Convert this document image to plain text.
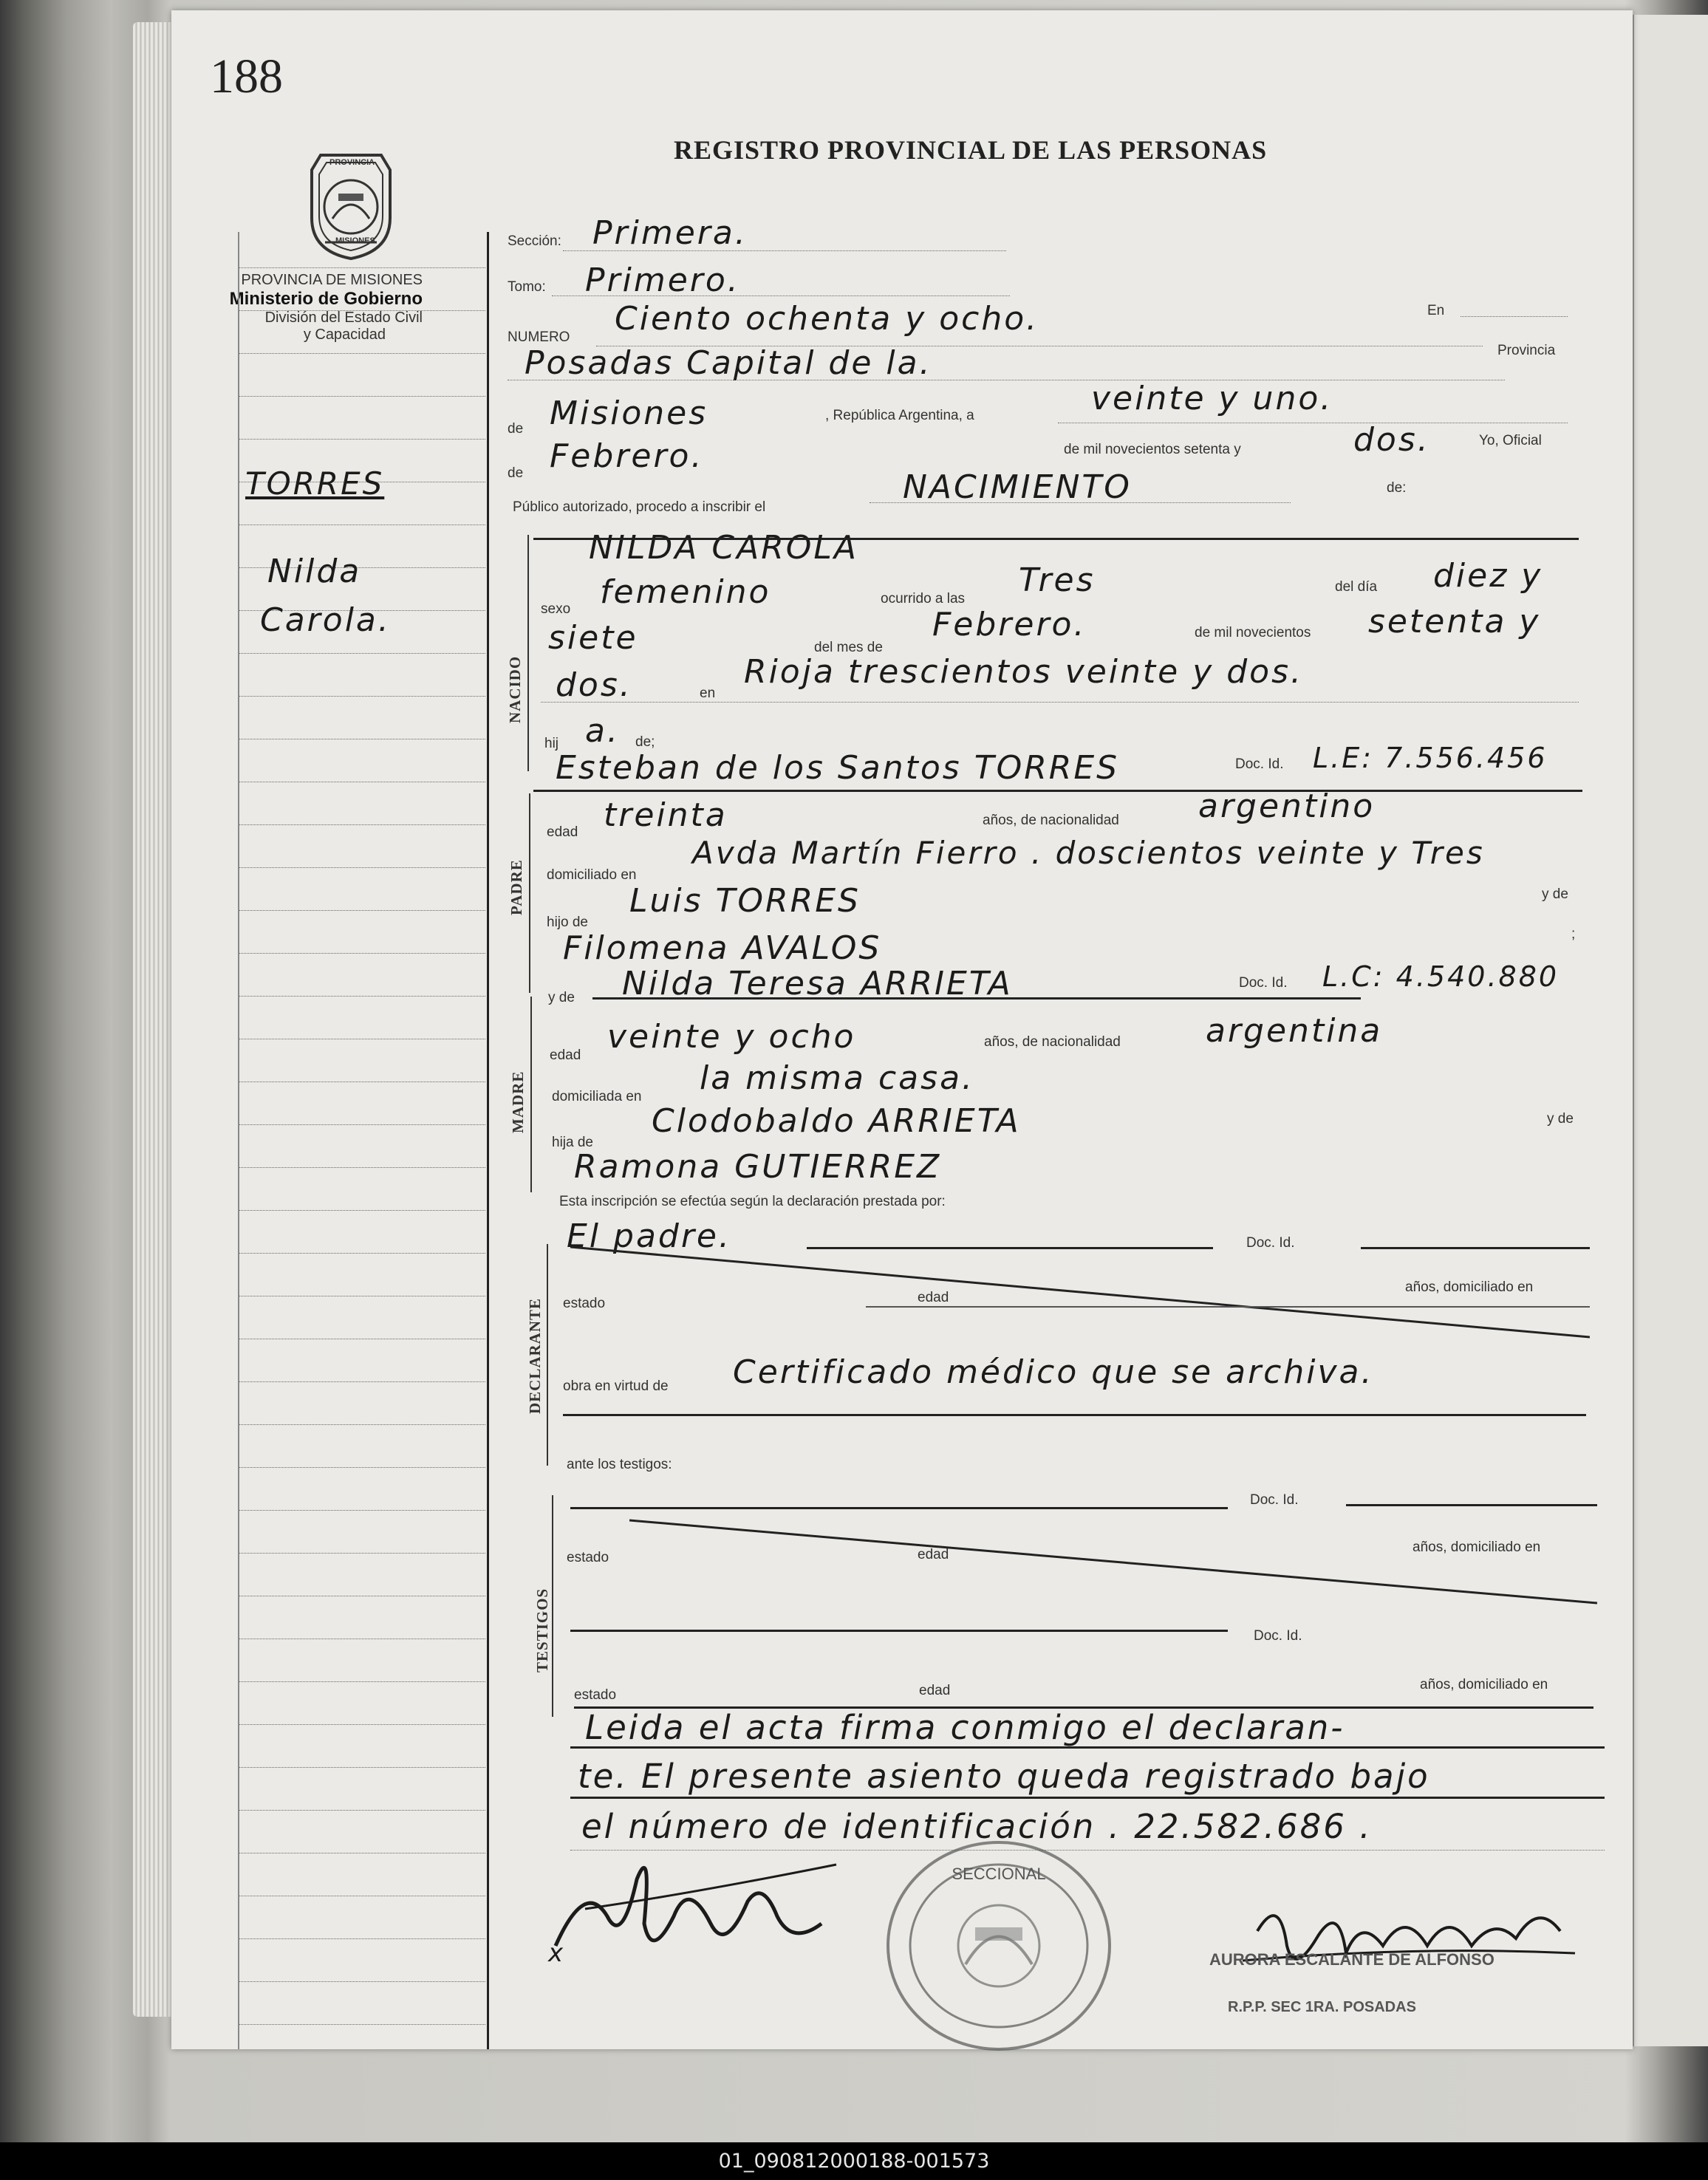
188
REGISTRO PROVINCIAL DE LAS PERSONAS
PROVINCIA
MISIONES
PROVINCIA DE MISIONES
Ministerio de Gobierno
División del Estado Civil
y Capacidad
TORRES
Nilda
Carola.
NACIDO
PADRE
MADRE
DECLARANTE
TESTIGOS
Sección: Primera.
Tomo: Primero.
NUMERO Ciento ochenta y ocho.	En
Posadas Capital de la.	Provincia
de Misiones	, República Argentina, a	veinte y uno.
de Febrero.	de mil novecientos setenta y	dos.	Yo, Oficial
Público autorizado, procedo a inscribir el
NACIMIENTO	de:
NILDA CAROLA
sexo femenino	ocurrido a las Tres	del día diez y
siete	del mes de
Febrero.	de mil novecientos setenta y
dos.	en
Rioja trescientos veinte y dos.
hij a. de;
Esteban de los Santos TORRES	Doc. Id. L.E: 7.556.456
edad treinta	años, de nacionalidad argentino
domiciliado en
Avda Martín Fierro . doscientos veinte y Tres
hijo de
Luis TORRES	y de
Filomena AVALOS	;
y de Nilda Teresa ARRIETA	Doc. Id. L.C: 4.540.880
edad veinte y ocho	años, de nacionalidad	argentina
domiciliada en la misma casa.
hija de
Clodobaldo ARRIETA	y de
Ramona GUTIERREZ
Esta inscripción se efectúa según la declaración prestada por:
El padre.	Doc. Id.
estado	edad
años, domiciliado en
obra en virtud de Certificado médico que se archiva.
ante los testigos:
Doc. Id.
estado	edad	años, domiciliado en
Doc. Id.
estado	edad	años, domiciliado en
Leida el acta firma conmigo el declaran-
te. El presente asiento queda registrado bajo
el número de identificación . 22.582.686 .
x
SECCIONAL
AURORA ESCALANTE DE ALFONSO
R.P.P. SEC 1RA. POSADAS
01_090812000188-001573
